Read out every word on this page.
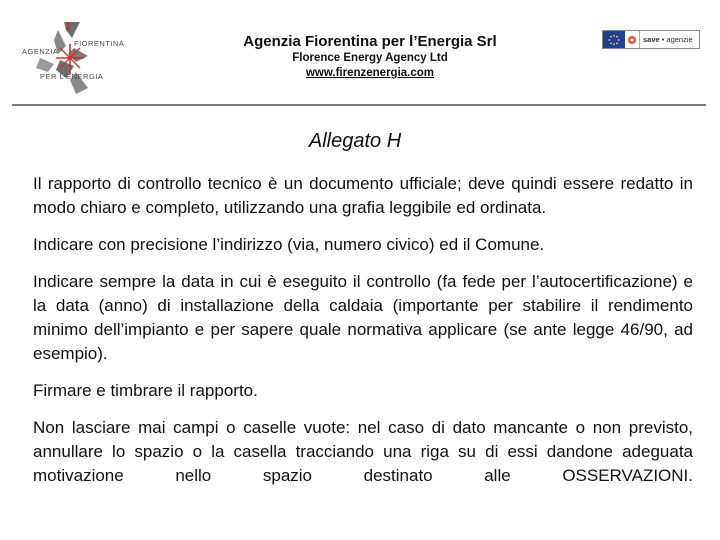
FIORENTINA
AGENZIA
PER L'ENERGIA
Agenzia Fiorentina per l’Energia Srl
Florence Energy Agency Ltd
www.firenzenergia.com
save • agenzie
Allegato H

Il rapporto di controllo tecnico è un documento ufficiale; deve quindi essere redatto in modo chiaro e completo, utilizzando una grafia leggibile ed ordinata.

Indicare con precisione l’indirizzo (via, numero civico) ed il Comune.

Indicare sempre la data in cui è eseguito il controllo (fa fede per l’autocertificazione) e la data (anno) di installazione della caldaia (importante per stabilire il rendimento minimo dell’impianto e per sapere quale normativa applicare (se ante legge 46/90, ad esempio).

Firmare e timbrare il rapporto.

Non lasciare mai campi o caselle vuote: nel caso di dato mancante o non previsto, annullare lo spazio o la casella tracciando una riga su di essi dandone adeguata motivazione nello spazio destinato alle OSSERVAZIONI.
